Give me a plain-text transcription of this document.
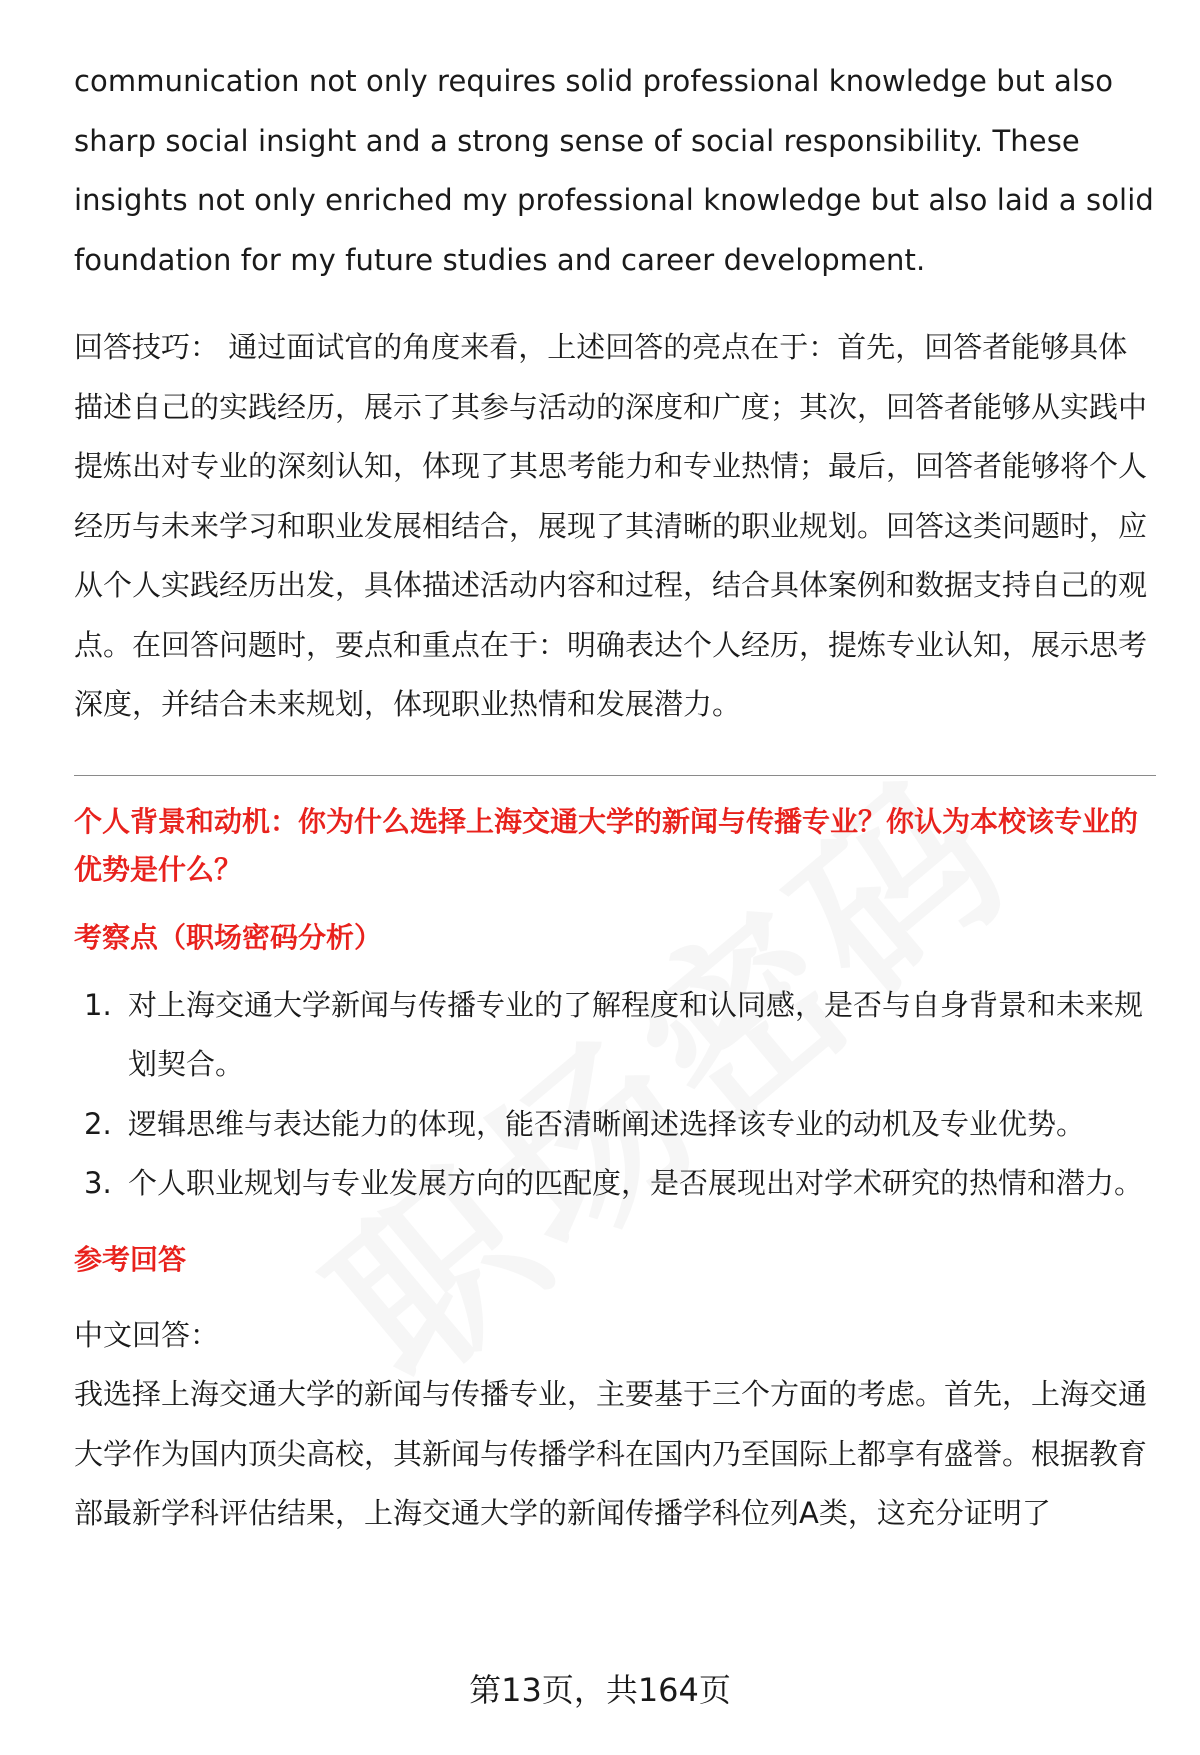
communication not only requires solid professional knowledge but also sharp social insight and a strong sense of social responsibility. These insights not only enriched my professional knowledge but also laid a solid foundation for my future studies and career development.

回答技巧： 通过面试官的角度来看，上述回答的亮点在于：首先，回答者能够具体描述自己的实践经历，展示了其参与活动的深度和广度；其次，回答者能够从实践中提炼出对专业的深刻认知，体现了其思考能力和专业热情；最后，回答者能够将个人经历与未来学习和职业发展相结合，展现了其清晰的职业规划。回答这类问题时，应从个人实践经历出发，具体描述活动内容和过程，结合具体案例和数据支持自己的观点。在回答问题时，要点和重点在于：明确表达个人经历，提炼专业认知，展示思考深度，并结合未来规划，体现职业热情和发展潜力。

个人背景和动机：你为什么选择上海交通大学的新闻与传播专业？你认为本校该专业的优势是什么？

考察点（职场密码分析）

1. 对上海交通大学新闻与传播专业的了解程度和认同感，是否与自身背景和未来规划契合。
2. 逻辑思维与表达能力的体现，能否清晰阐述选择该专业的动机及专业优势。
3. 个人职业规划与专业发展方向的匹配度，是否展现出对学术研究的热情和潜力。

参考回答

中文回答：

我选择上海交通大学的新闻与传播专业，主要基于三个方面的考虑。首先，上海交通大学作为国内顶尖高校，其新闻与传播学科在国内乃至国际上都享有盛誉。根据教育部最新学科评估结果，上海交通大学的新闻传播学科位列A类，这充分证明了

第13页，共164页
